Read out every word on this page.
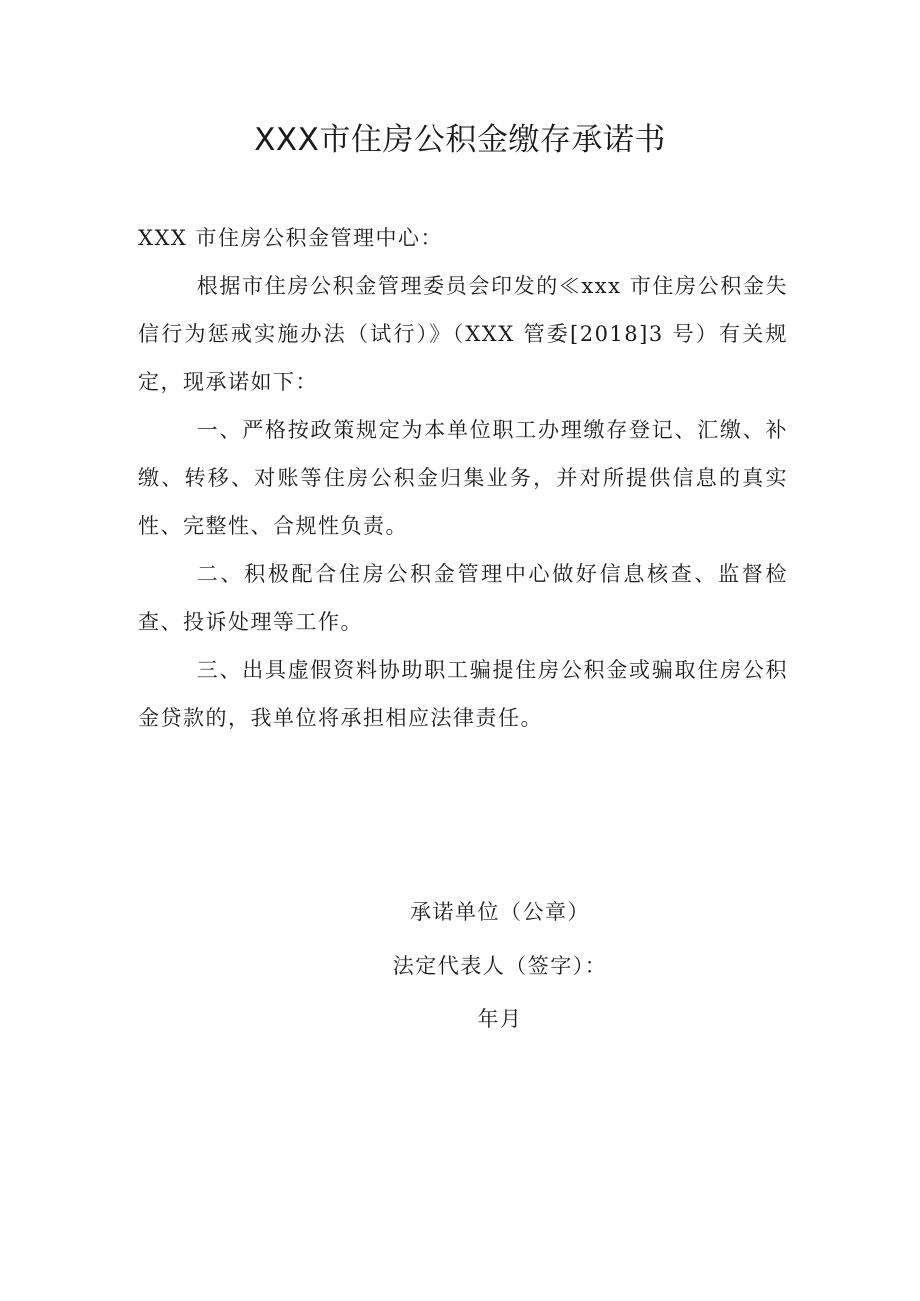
XXX市住房公积金缴存承诺书

XXX 市住房公积金管理中心：

根据市住房公积金管理委员会印发的≪xxx 市住房公积金失信行为惩戒实施办法（试行）》（XXX 管委[2018]3 号）有关规定，现承诺如下：

一、严格按政策规定为本单位职工办理缴存登记、汇缴、补缴、转移、对账等住房公积金归集业务，并对所提供信息的真实性、完整性、合规性负责。

二、积极配合住房公积金管理中心做好信息核查、监督检查、投诉处理等工作。

三、出具虚假资料协助职工骗提住房公积金或骗取住房公积金贷款的，我单位将承担相应法律责任。

承诺单位（公章）
法定代表人（签字）：
年月
